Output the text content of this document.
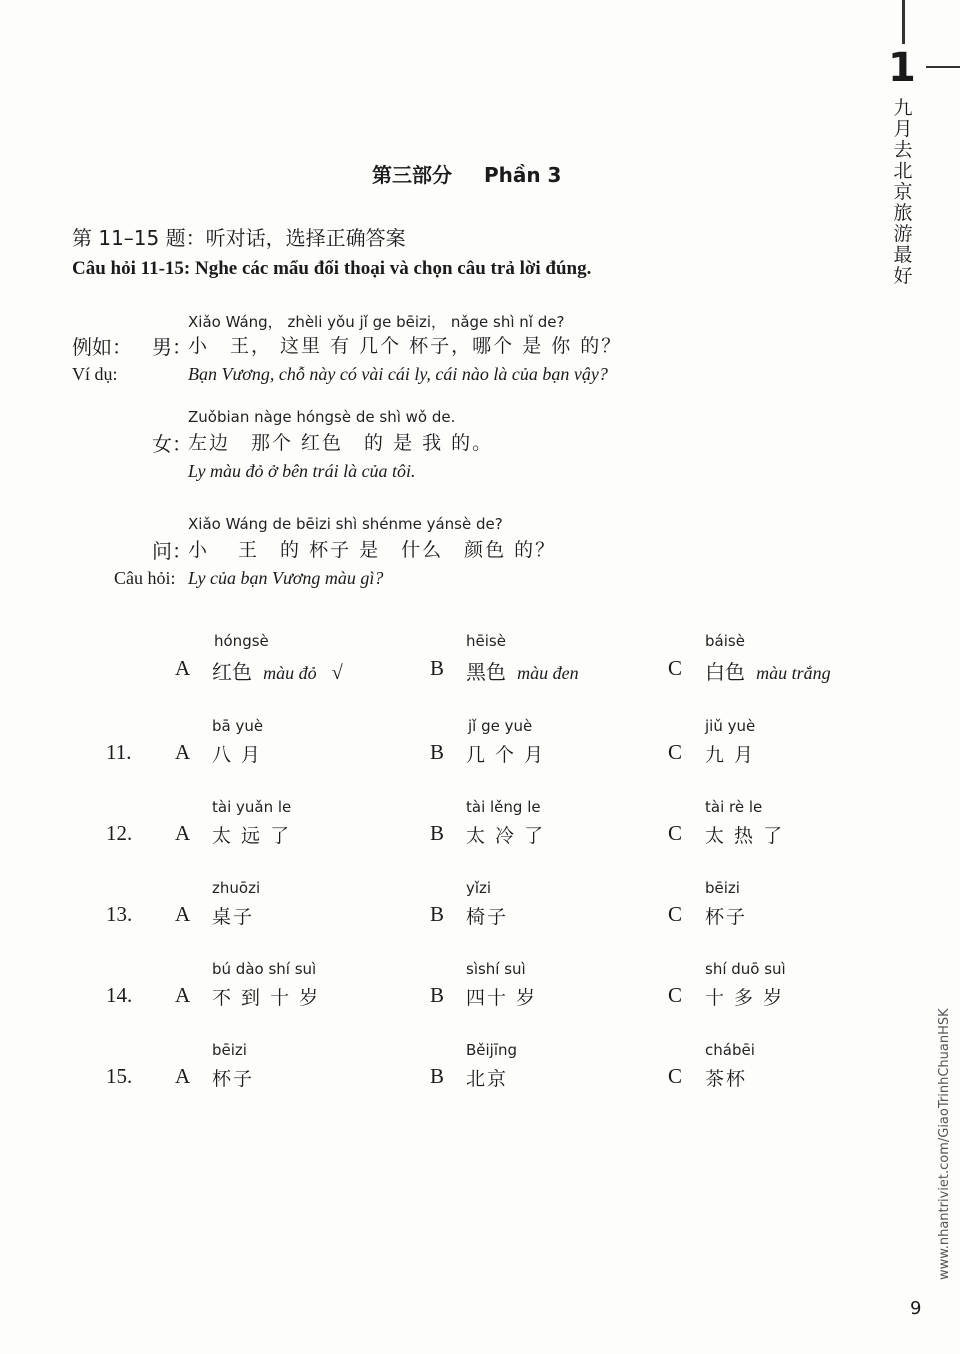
1
九月去北京旅游最好
www.nhantriviet.com/GiaoTrinhChuanHSK
9
第三部分 Phần 3
第 11–15 题：听对话，选择正确答案
Câu hỏi 11-15: Nghe các mẩu đối thoại và chọn câu trả lời đúng.
Xiǎo Wáng， zhèli yǒu jǐ ge bēizi， nǎge shì nǐ de?
例如： 男：
小　王， 这里 有 几个 杯子，哪个 是 你 的？
Ví dụ:	Bạn Vương, chỗ này có vài cái ly, cái nào là của bạn vậy?
Zuǒbian nàge hóngsè de shì wǒ de.
女：
左边　那个 红色　的 是 我 的。
Ly màu đỏ ở bên trái là của tôi.
Xiǎo Wáng de bēizi shì shénme yánsè de?
问：
小　 王　的 杯子 是　什么　颜色 的？
Câu hỏi: Ly của bạn Vương màu gì?
hóngsè
A 红色 màu đỏ √
hēisè
B 黑色 màu đen
báisè
C 白色 màu trắng
11.
bā yuè
A 八 月
jǐ ge yuè
B 几 个 月
jiǔ yuè
C 九 月
12.
tài yuǎn le
A 太 远 了
tài lěng le
B 太 冷 了
tài rè le
C 太 热 了
13.
zhuōzi
A 桌子
yǐzi
B 椅子
bēizi
C 杯子
14.
bú dào shí suì
A 不 到 十 岁
sìshí suì
B 四十 岁
shí duō suì
C 十 多 岁
15.
bēizi
A 杯子
Běijīng
B 北京
chábēi
C 茶杯
